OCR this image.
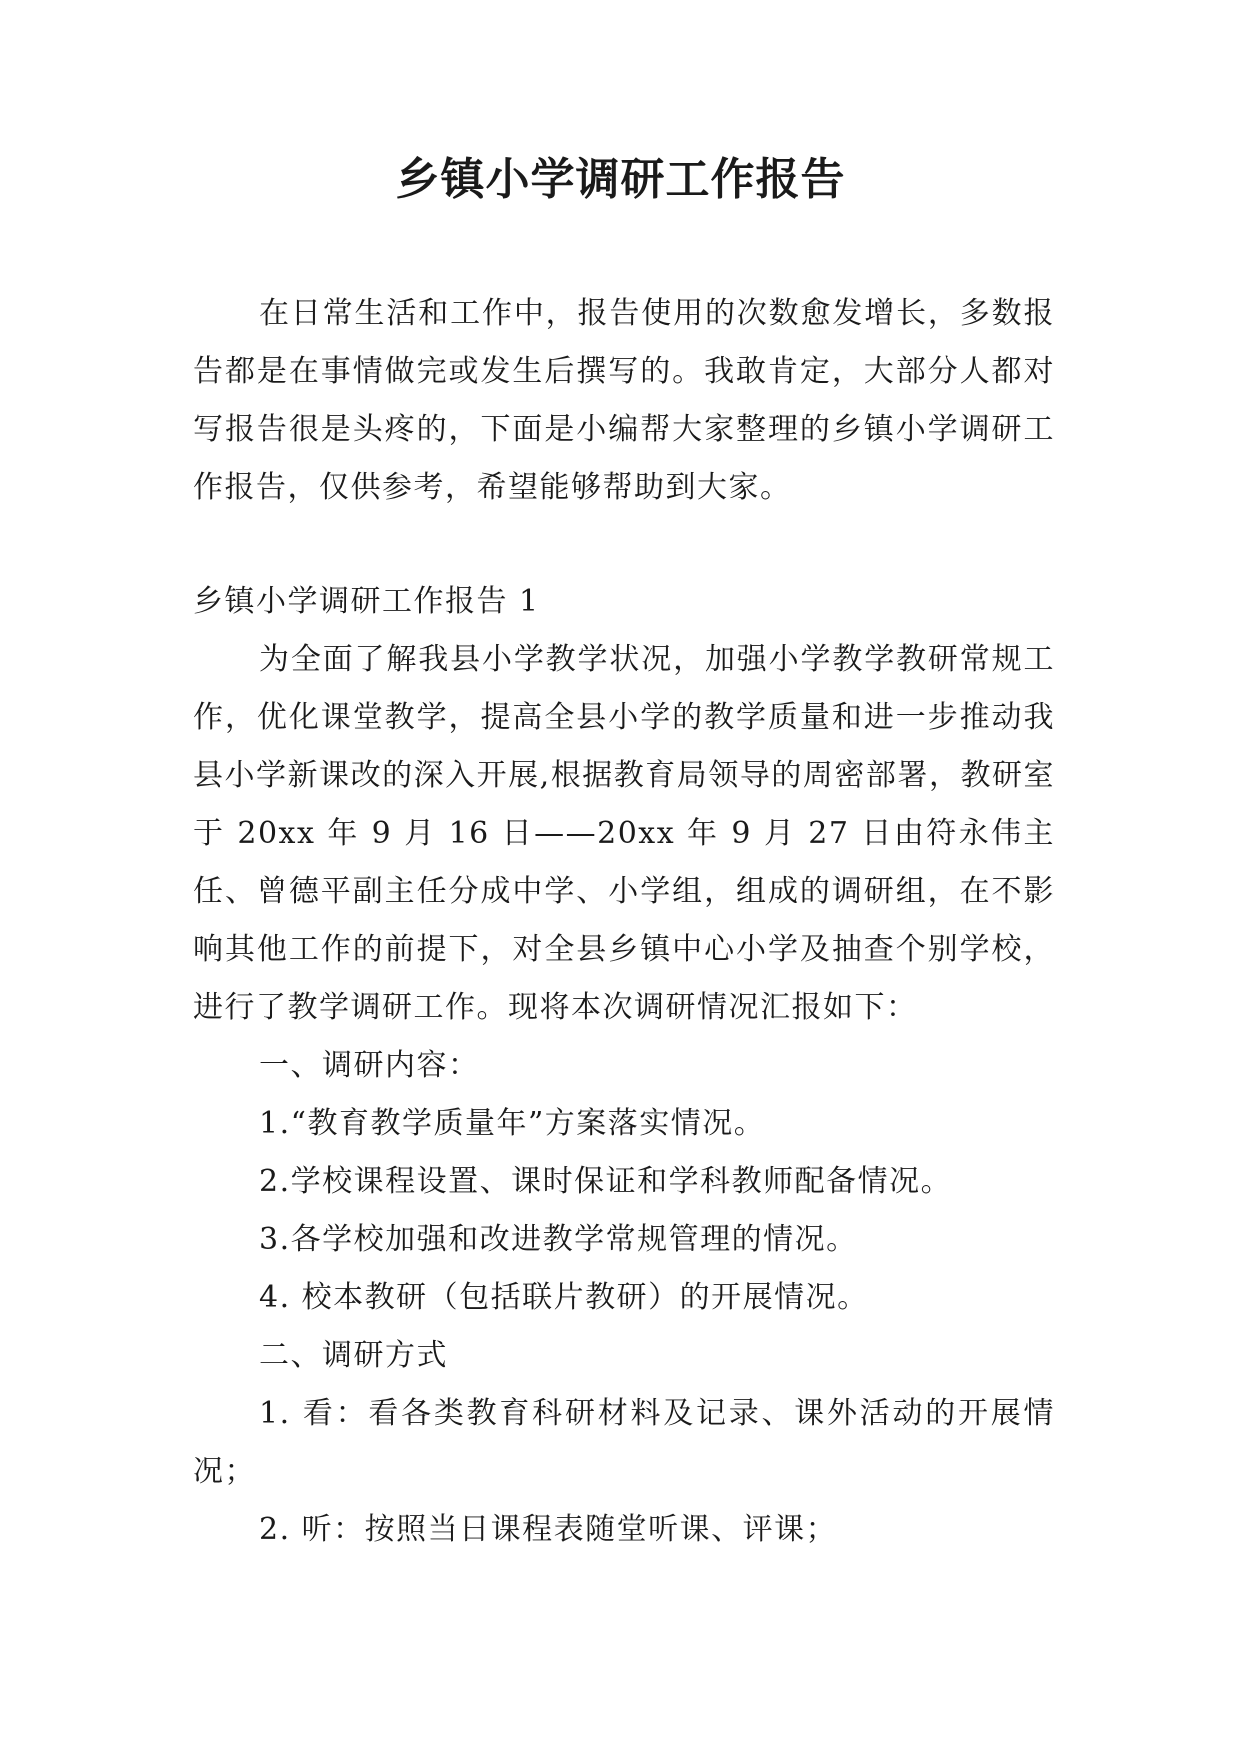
乡镇小学调研工作报告

在日常生活和工作中，报告使用的次数愈发增长，多数报告都是在事情做完或发生后撰写的。我敢肯定，大部分人都对写报告很是头疼的，下面是小编帮大家整理的乡镇小学调研工作报告，仅供参考，希望能够帮助到大家。

乡镇小学调研工作报告 1

为全面了解我县小学教学状况，加强小学教学教研常规工作，优化课堂教学，提高全县小学的教学质量和进一步推动我县小学新课改的深入开展,根据教育局领导的周密部署，教研室于 20xx 年 9 月 16 日——20xx 年 9 月 27 日由符永伟主任、曾德平副主任分成中学、小学组，组成的调研组，在不影响其他工作的前提下，对全县乡镇中心小学及抽查个别学校，进行了教学调研工作。现将本次调研情况汇报如下：

一、调研内容：

1.“教育教学质量年”方案落实情况。

2.学校课程设置、课时保证和学科教师配备情况。

3.各学校加强和改进教学常规管理的情况。

4. 校本教研（包括联片教研）的开展情况。

二、调研方式

1. 看：看各类教育科研材料及记录、课外活动的开展情况；

2. 听：按照当日课程表随堂听课、评课；
